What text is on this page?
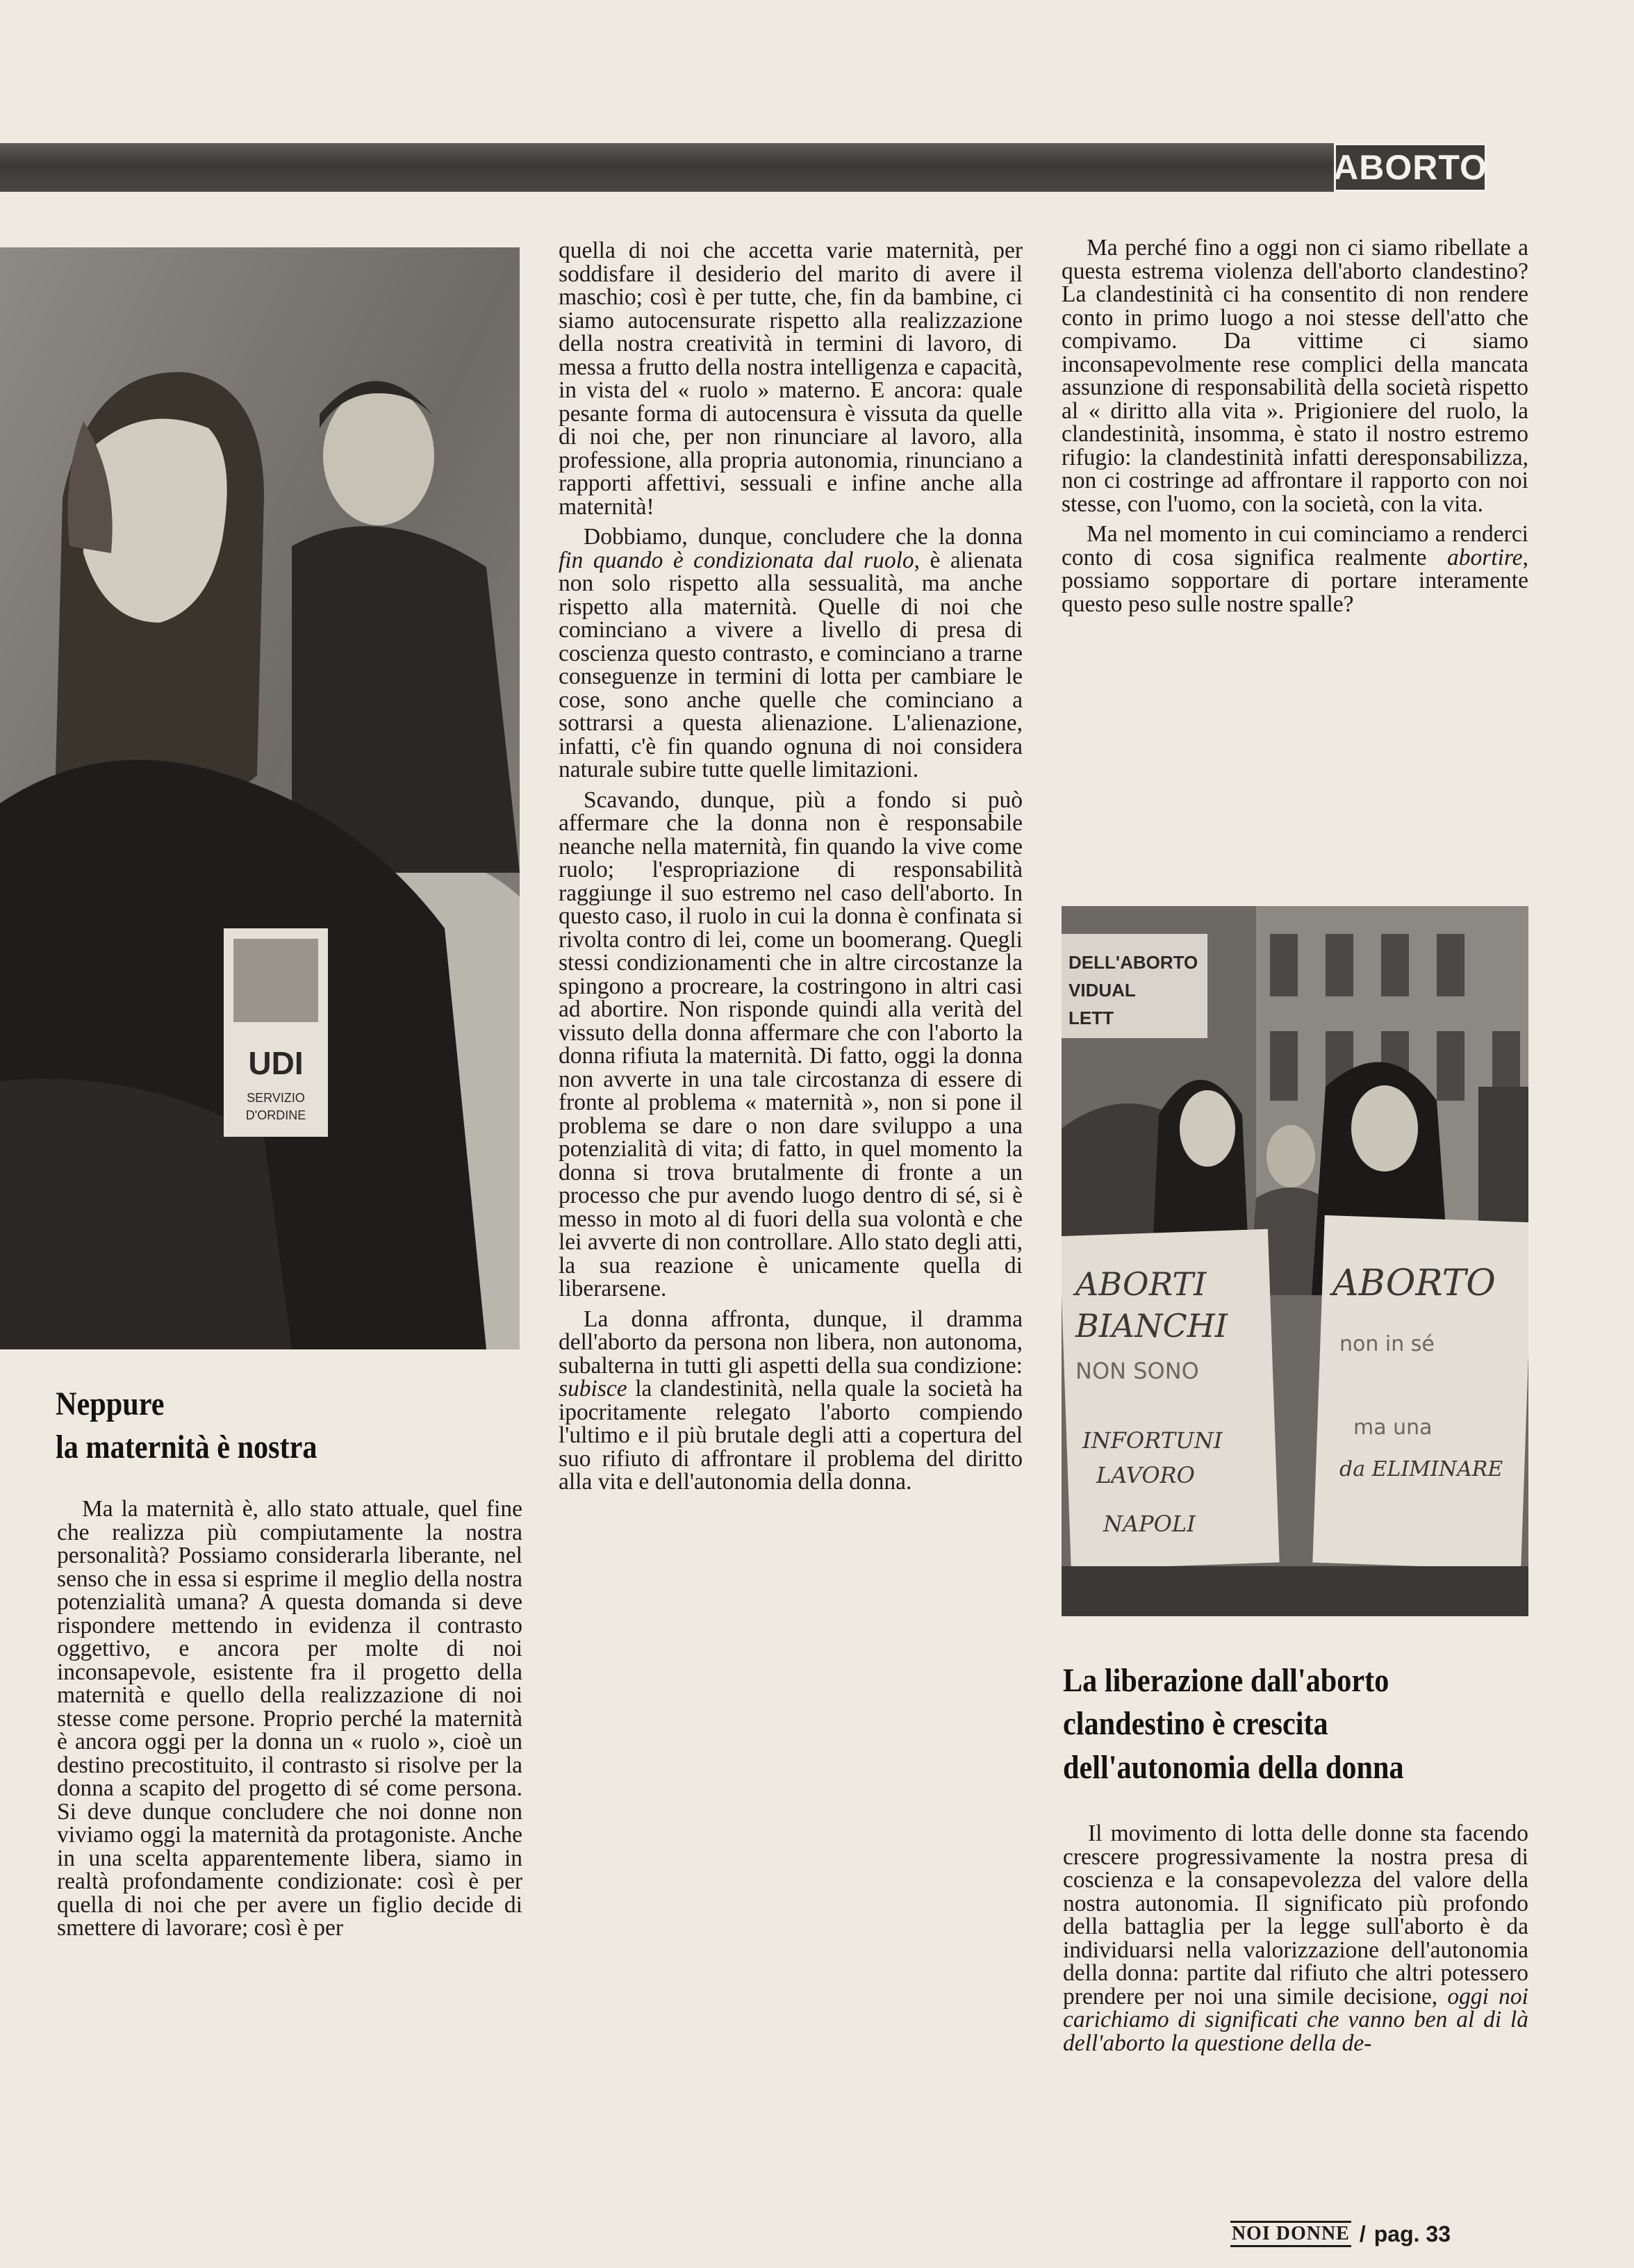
ABORTO
UDI
SERVIZIO
D'ORDINE
DELL'ABORTO
VIDUAL
LETT
ABORTI
BIANCHI
NON SONO
INFORTUNI
LAVORO
NAPOLI
ABORTO
non in sé
ma una
da ELIMINARE
Neppure
la maternità è nostra

Ma la maternità è, allo stato attuale, quel fine che realizza più compiutamente la nostra personalità? Possiamo considerarla liberante, nel senso che in essa si esprime il meglio della nostra potenzialità umana? A questa domanda si deve rispondere mettendo in evidenza il contrasto oggettivo, e ancora per molte di noi inconsapevole, esistente fra il progetto della maternità e quello della realizzazione di noi stesse come persone. Proprio perché la maternità è ancora oggi per la donna un « ruolo », cioè un destino precostituito, il contrasto si risolve per la donna a scapito del progetto di sé come persona. Si deve dunque concludere che noi donne non viviamo oggi la maternità da protagoniste. Anche in una scelta apparentemente libera, siamo in realtà profondamente condizionate: così è per quella di noi che per avere un figlio decide di smettere di lavorare; così è per

quella di noi che accetta varie maternità, per soddisfare il desiderio del marito di avere il maschio; così è per tutte, che, fin da bambine, ci siamo autocensurate rispetto alla realizzazione della nostra creatività in termini di lavoro, di messa a frutto della nostra intelligenza e capacità, in vista del « ruolo » materno. E ancora: quale pesante forma di autocensura è vissuta da quelle di noi che, per non rinunciare al lavoro, alla professione, alla propria autonomia, rinunciano a rapporti affettivi, sessuali e infine anche alla maternità!

Dobbiamo, dunque, concludere che la donna fin quando è condizionata dal ruolo, è alienata non solo rispetto alla sessualità, ma anche rispetto alla maternità. Quelle di noi che cominciano a vivere a livello di presa di coscienza questo contrasto, e cominciano a trarne conseguenze in termini di lotta per cambiare le cose, sono anche quelle che cominciano a sottrarsi a questa alienazione. L'alienazione, infatti, c'è fin quando ognuna di noi considera naturale subire tutte quelle limitazioni.

Scavando, dunque, più a fondo si può affermare che la donna non è responsabile neanche nella maternità, fin quando la vive come ruolo; l'espropriazione di responsabilità raggiunge il suo estremo nel caso dell'aborto. In questo caso, il ruolo in cui la donna è confinata si rivolta contro di lei, come un boomerang. Quegli stessi condizionamenti che in altre circostanze la spingono a procreare, la costringono in altri casi ad abortire. Non risponde quindi alla verità del vissuto della donna affermare che con l'aborto la donna rifiuta la maternità. Di fatto, oggi la donna non avverte in una tale circostanza di essere di fronte al problema « maternità », non si pone il problema se dare o non dare sviluppo a una potenzialità di vita; di fatto, in quel momento la donna si trova brutalmente di fronte a un processo che pur avendo luogo dentro di sé, si è messo in moto al di fuori della sua volontà e che lei avverte di non controllare. Allo stato degli atti, la sua reazione è unicamente quella di liberarsene.

La donna affronta, dunque, il dramma dell'aborto da persona non libera, non autonoma, subalterna in tutti gli aspetti della sua condizione: subisce la clandestinità, nella quale la società ha ipocritamente relegato l'aborto compiendo l'ultimo e il più brutale degli atti a copertura del suo rifiuto di affrontare il problema del diritto alla vita e dell'autonomia della donna.

Ma perché fino a oggi non ci siamo ribellate a questa estrema violenza dell'aborto clandestino? La clandestinità ci ha consentito di non rendere conto in primo luogo a noi stesse dell'atto che compivamo. Da vittime ci siamo inconsapevolmente rese complici della mancata assunzione di responsabilità della società rispetto al « diritto alla vita ». Prigioniere del ruolo, la clandestinità, insomma, è stato il nostro estremo rifugio: la clandestinità infatti deresponsabilizza, non ci costringe ad affrontare il rapporto con noi stesse, con l'uomo, con la società, con la vita.

Ma nel momento in cui cominciamo a renderci conto di cosa significa realmente abortire, possiamo sopportare di portare interamente questo peso sulle nostre spalle?

La liberazione dall'aborto
clandestino è crescita
dell'autonomia della donna

Il movimento di lotta delle donne sta facendo crescere progressivamente la nostra presa di coscienza e la consapevolezza del valore della nostra autonomia. Il significato più profondo della battaglia per la legge sull'aborto è da individuarsi nella valorizzazione dell'autonomia della donna: partite dal rifiuto che altri potessero prendere per noi una simile decisione, oggi noi carichiamo di significati che vanno ben al di là dell'aborto la questione della de-

NOI DONNE / pag. 33
